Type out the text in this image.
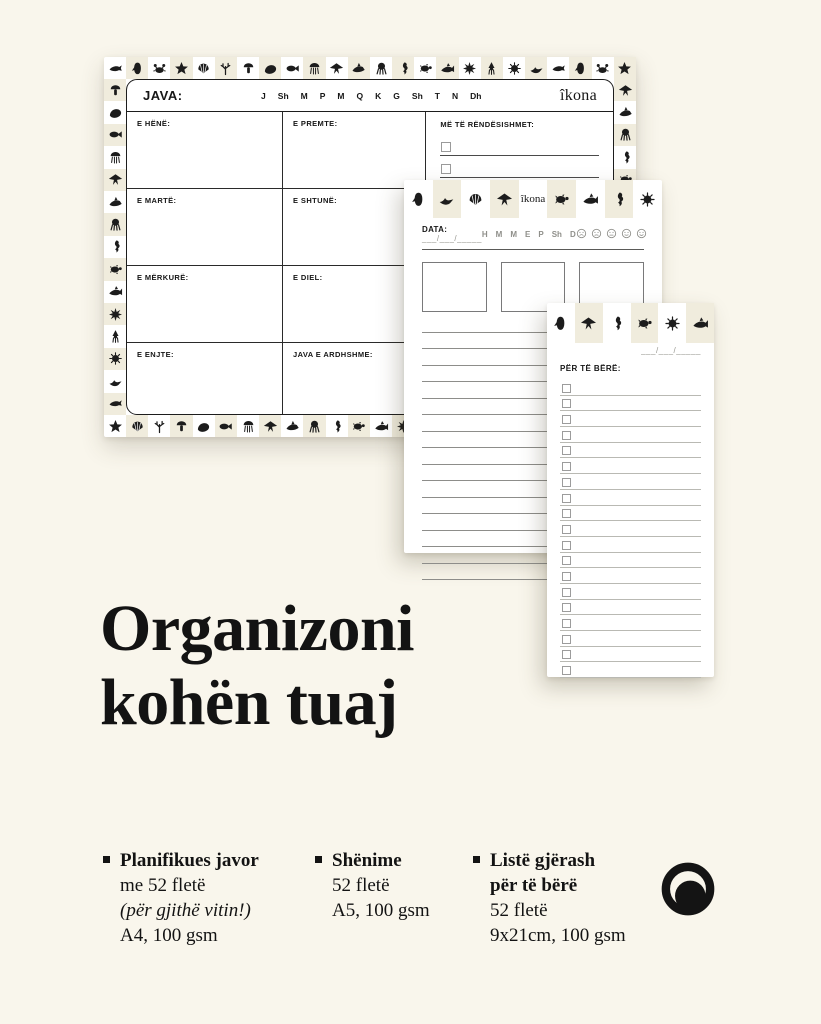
JAVA:	J Sh M P M Q K G Sh T N Dh	îkona
E HËNË:
E MARTË:
E MËRKURË:
E ENJTE:
E PREMTE:
E SHTUNË:
E DIEL:
JAVA E ARDHSHME:
MË TË RËNDËSISHMET:
îkona
DATA: ___/___/_____ H M M E P Sh D
___/___/_____
PËR TË BËRË:
Organizoni
kohën tuaj
Planifikues javor
me 52 fletë
(për gjithë vitin!)
A4, 100 gsm

Shënime
52 fletë
A5, 100 gsm

Listë gjërash
për të bërë
52 fletë
9x21cm, 100 gsm
